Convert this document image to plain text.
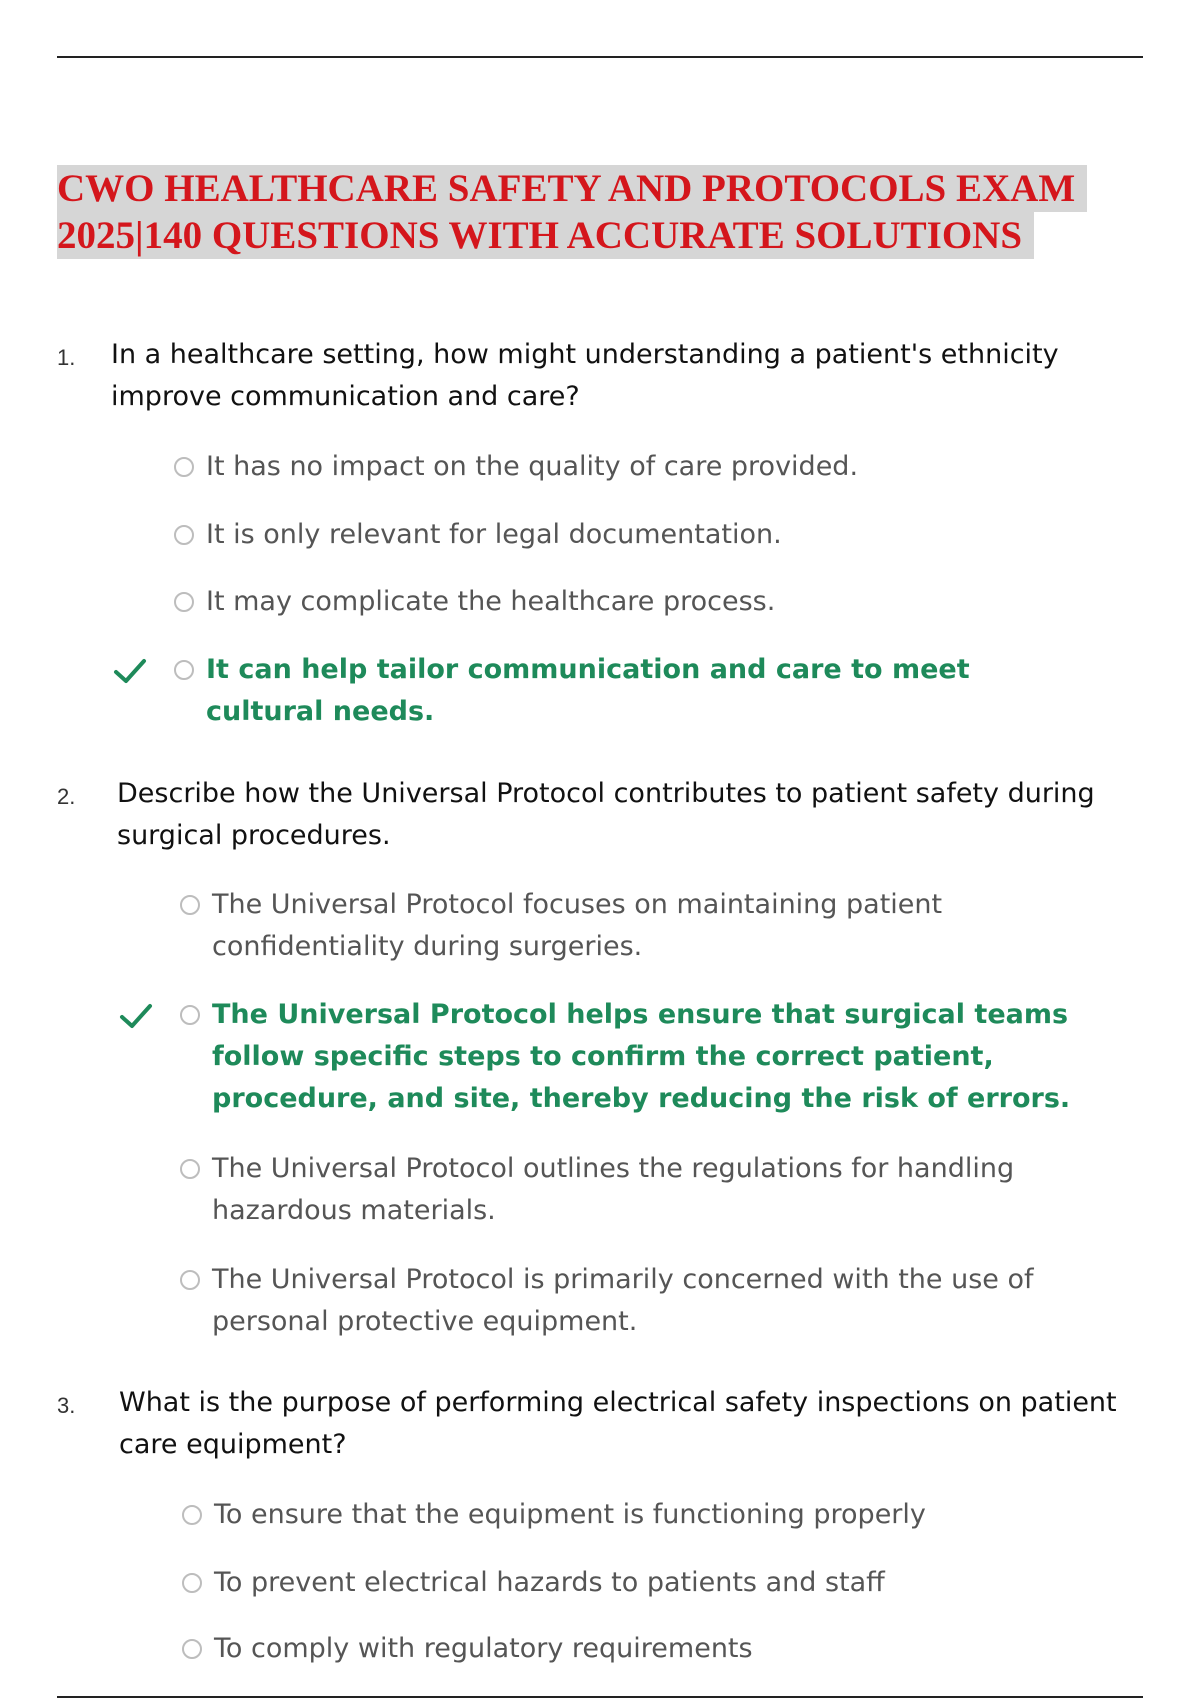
CWO HEALTHCARE SAFETY AND PROTOCOLS EXAM
2025|140 QUESTIONS WITH ACCURATE SOLUTIONS
1. In a healthcare setting, how might understanding a patient's ethnicity improve communication and care?

It has no impact on the quality of care provided.
It is only relevant for legal documentation.
It may complicate the healthcare process.
It can help tailor communication and care to meet cultural needs.
2. Describe how the Universal Protocol contributes to patient safety during surgical procedures.

The Universal Protocol focuses on maintaining patient confidentiality during surgeries.
The Universal Protocol helps ensure that surgical teams follow specific steps to confirm the correct patient, procedure, and site, thereby reducing the risk of errors.
The Universal Protocol outlines the regulations for handling hazardous materials.
The Universal Protocol is primarily concerned with the use of personal protective equipment.
3. What is the purpose of performing electrical safety inspections on patient care equipment?

To ensure that the equipment is functioning properly
To prevent electrical hazards to patients and staff
To comply with regulatory requirements
